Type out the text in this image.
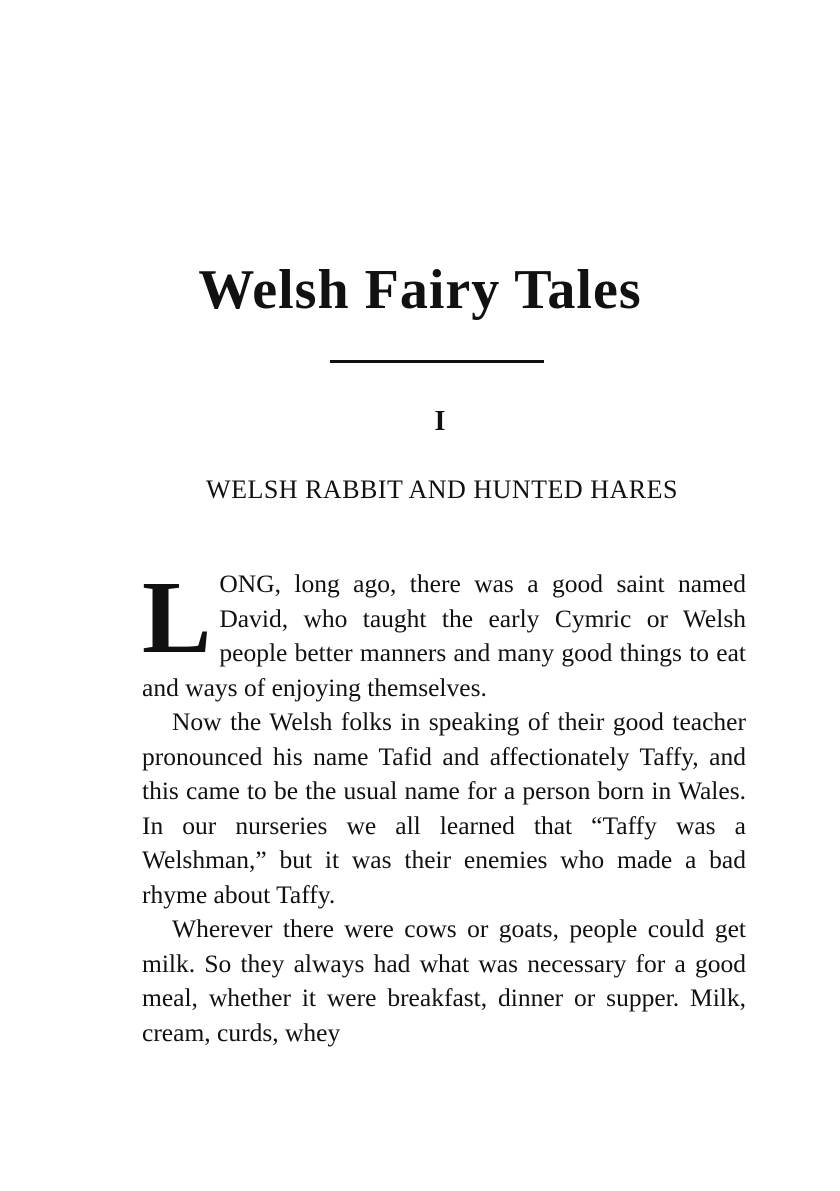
Welsh Fairy Tales
I
WELSH RABBIT AND HUNTED HARES

LONG, long ago, there was a good saint named David, who taught the early Cymric or Welsh people better manners and many good things to eat and ways of enjoying themselves.

Now the Welsh folks in speaking of their good teacher pronounced his name Tafid and affectionately Taffy, and this came to be the usual name for a person born in Wales. In our nurseries we all learned that “Taffy was a Welshman,” but it was their enemies who made a bad rhyme about Taffy.

Wherever there were cows or goats, people could get milk. So they always had what was necessary for a good meal, whether it were breakfast, dinner or supper. Milk, cream, curds, whey
